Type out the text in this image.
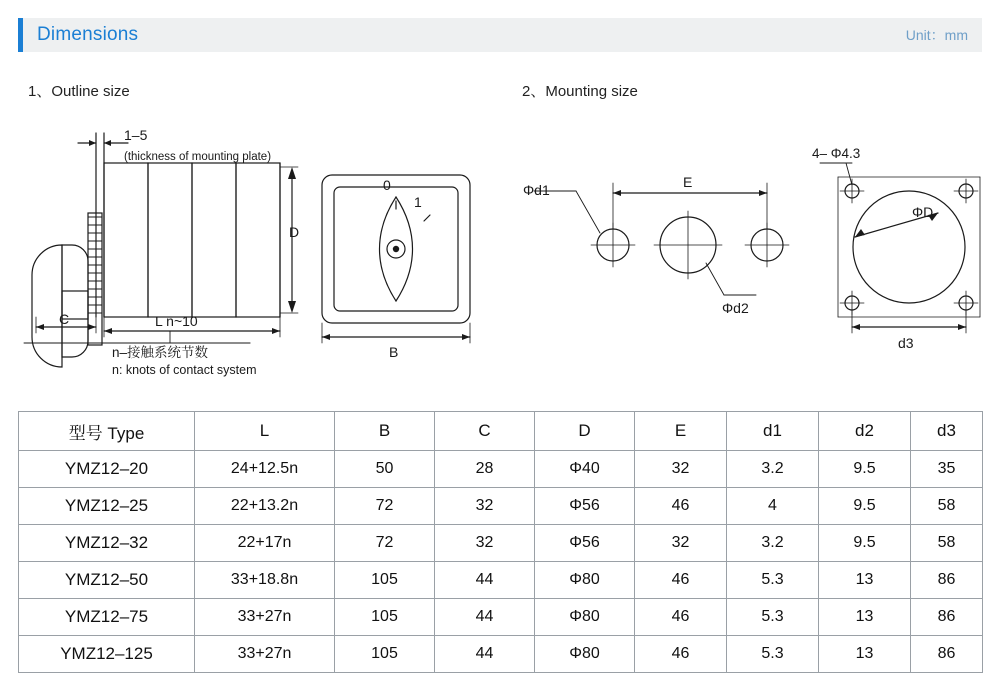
Dimensions	Unit：mm
1、Outline size	2、Mounting size
1–5
(thickness of mounting plate)
D
C	L n~10
n–接触系统节数
n: knots of contact system
0
1
B
Φd1	E
Φd2
4– Φ4.3
ΦD
d3
型号 Type	L	B	C	D	E	d1	d2	d3
YMZ12–20	24+12.5n	50	28	Φ40	32	3.2	9.5	35
YMZ12–25	22+13.2n	72	32	Φ56	46	4	9.5	58
YMZ12–32	22+17n	72	32	Φ56	32	3.2	9.5	58
YMZ12–50	33+18.8n	105	44	Φ80	46	5.3	13	86
YMZ12–75	33+27n	105	44	Φ80	46	5.3	13	86
YMZ12–125	33+27n	105	44	Φ80	46	5.3	13	86
